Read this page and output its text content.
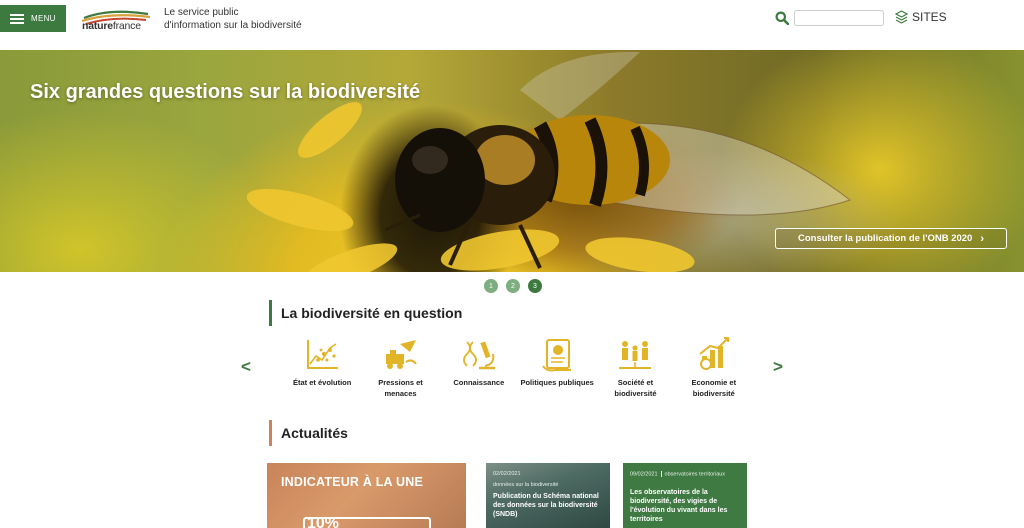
MENU
naturefrance
Le service public
d'information sur la biodiversité
SITES
Six grandes questions sur la biodiversité
Consulter la publication de l'ONB 2020 ›
1	2	3
La biodiversité en question
<	>
État et évolution	Pressions et menaces
Connaissance Politiques publiques	Société et biodiversité
Economie et biodiversité
Actualités
INDICATEUR À LA UNE
10%
02/02/2021
données sur la biodiversité
Publication du Schéma national des données sur la biodiversité (SNDB)
09/02/2021 observatoires territoriaux
Les observatoires de la biodiversité, des vigies de l'évolution du vivant dans les territoires
